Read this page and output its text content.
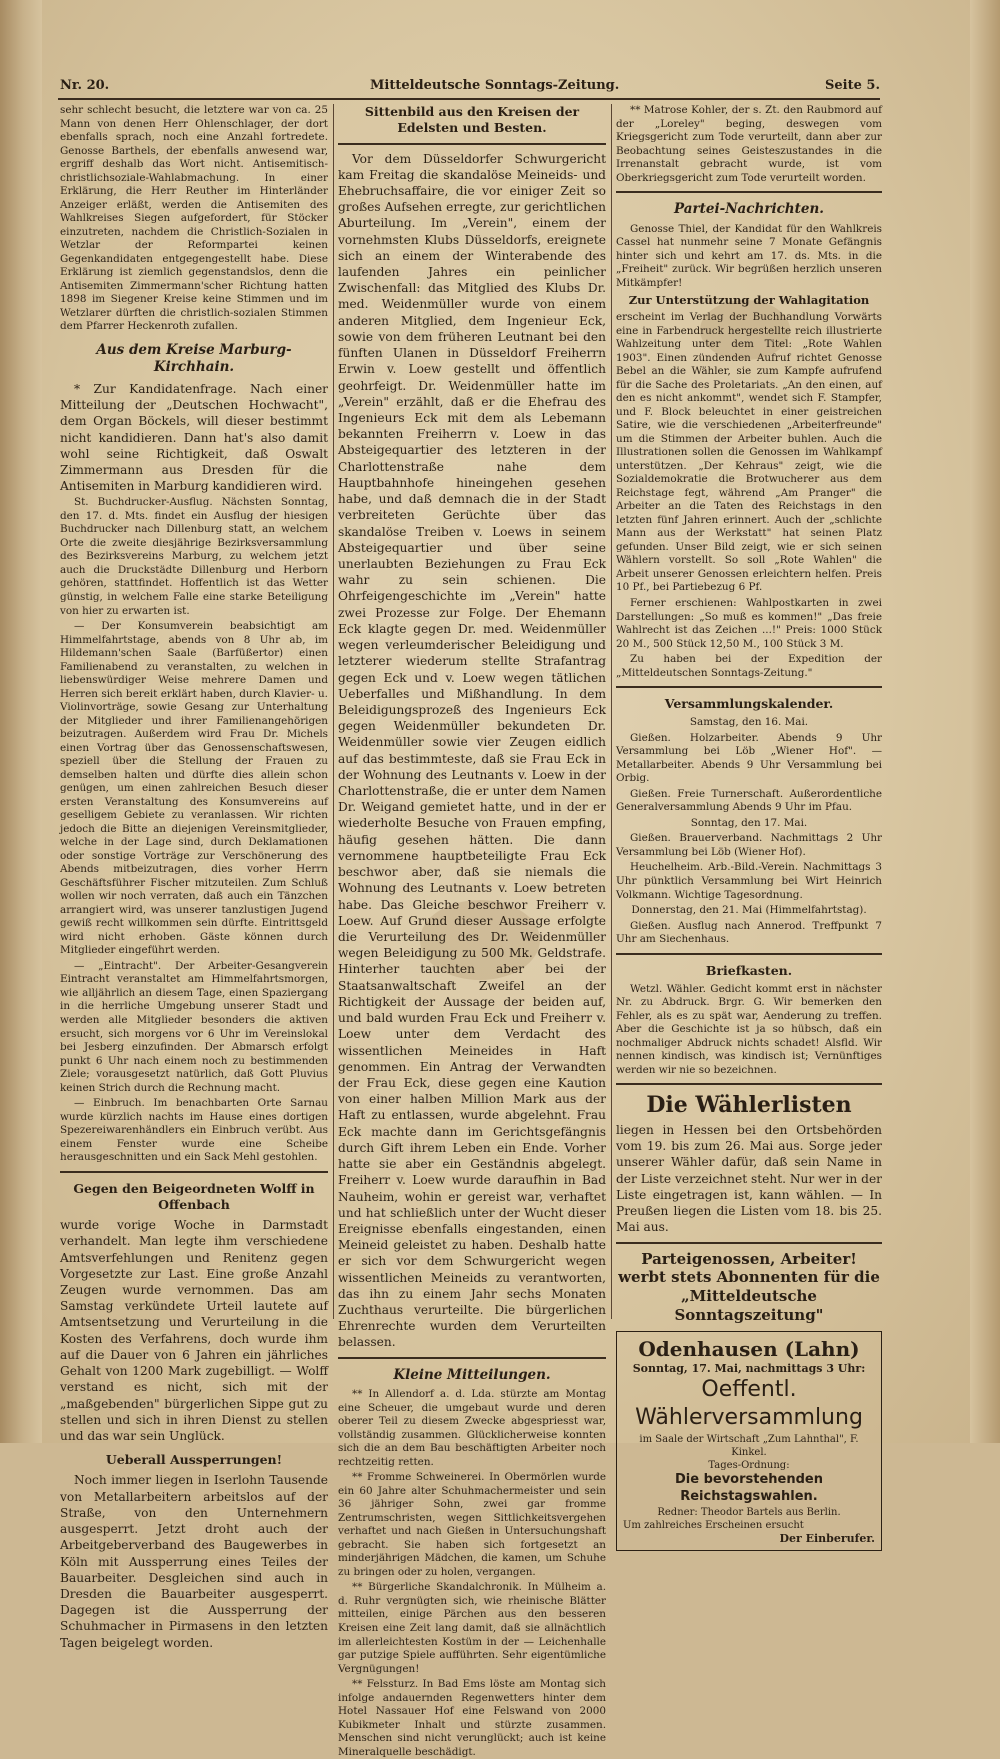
Nr. 20.	Mitteldeutsche Sonntags-Zeitung.	Seite 5.

sehr schlecht besucht, die letztere war von ca. 25 Mann von denen Herr Ohlenschlager, der dort ebenfalls sprach, noch eine Anzahl fortredete. Genosse Barthels, der ebenfalls anwesend war, ergriff deshalb das Wort nicht. Antisemitisch-christlichsoziale-Wahlabmachung. In einer Erklärung, die Herr Reuther im Hinterländer Anzeiger erläßt, werden die Antisemiten des Wahlkreises Siegen aufgefordert, für Stöcker einzutreten, nachdem die Christlich-Sozialen in Wetzlar der Reformpartei keinen Gegenkandidaten entgegengestellt habe. Diese Erklärung ist ziemlich gegenstandslos, denn die Antisemiten Zimmermann'scher Richtung hatten 1898 im Siegener Kreise keine Stimmen und im Wetzlarer dürften die christlich-sozialen Stimmen dem Pfarrer Heckenroth zufallen.

Aus dem Kreise Marburg-Kirchhain.

* Zur Kandidatenfrage. Nach einer Mitteilung der „Deutschen Hochwacht", dem Organ Böckels, will dieser bestimmt nicht kandidieren. Dann hat's also damit wohl seine Richtigkeit, daß Oswalt Zimmermann aus Dresden für die Antisemiten in Marburg kandidieren wird.

St. Buchdrucker-Ausflug. Nächsten Sonntag, den 17. d. Mts. findet ein Ausflug der hiesigen Buchdrucker nach Dillenburg statt, an welchem Orte die zweite diesjährige Bezirksversammlung des Bezirksvereins Marburg, zu welchem jetzt auch die Druckstädte Dillenburg und Herborn gehören, stattfindet. Hoffentlich ist das Wetter günstig, in welchem Falle eine starke Beteiligung von hier zu erwarten ist.

— Der Konsumverein beabsichtigt am Himmelfahrtstage, abends von 8 Uhr ab, im Hildemann'schen Saale (Barfüßertor) einen Familienabend zu veranstalten, zu welchen in liebenswürdiger Weise mehrere Damen und Herren sich bereit erklärt haben, durch Klavier- u. Violinvorträge, sowie Gesang zur Unterhaltung der Mitglieder und ihrer Familienangehörigen beizutragen. Außerdem wird Frau Dr. Michels einen Vortrag über das Genossenschaftswesen, speziell über die Stellung der Frauen zu demselben halten und dürfte dies allein schon genügen, um einen zahlreichen Besuch dieser ersten Veranstaltung des Konsumvereins auf geselligem Gebiete zu veranlassen. Wir richten jedoch die Bitte an diejenigen Vereinsmitglieder, welche in der Lage sind, durch Deklamationen oder sonstige Vorträge zur Verschönerung des Abends mitbeizutragen, dies vorher Herrn Geschäftsführer Fischer mitzuteilen. Zum Schluß wollen wir noch verraten, daß auch ein Tänzchen arrangiert wird, was unserer tanzlustigen Jugend gewiß recht willkommen sein dürfte. Eintrittsgeld wird nicht erhoben. Gäste können durch Mitglieder eingeführt werden.

— „Eintracht". Der Arbeiter-Gesangverein Eintracht veranstaltet am Himmelfahrtsmorgen, wie alljährlich an diesem Tage, einen Spaziergang in die herrliche Umgebung unserer Stadt und werden alle Mitglieder besonders die aktiven ersucht, sich morgens vor 6 Uhr im Vereinslokal bei Jesberg einzufinden. Der Abmarsch erfolgt punkt 6 Uhr nach einem noch zu bestimmenden Ziele; vorausgesetzt natürlich, daß Gott Pluvius keinen Strich durch die Rechnung macht.

— Einbruch. Im benachbarten Orte Sarnau wurde kürzlich nachts im Hause eines dortigen Spezereiwarenhändlers ein Einbruch verübt. Aus einem Fenster wurde eine Scheibe herausgeschnitten und ein Sack Mehl gestohlen.

Gegen den Beigeordneten Wolff in Offenbach

wurde vorige Woche in Darmstadt verhandelt. Man legte ihm verschiedene Amtsverfehlungen und Renitenz gegen Vorgesetzte zur Last. Eine große Anzahl Zeugen wurde vernommen. Das am Samstag verkündete Urteil lautete auf Amtsentsetzung und Verurteilung in die Kosten des Verfahrens, doch wurde ihm auf die Dauer von 6 Jahren ein jährliches Gehalt von 1200 Mark zugebilligt. — Wolff verstand es nicht, sich mit der „maßgebenden" bürgerlichen Sippe gut zu stellen und sich in ihren Dienst zu stellen und das war sein Unglück.

Ueberall Aussperrungen!

Noch immer liegen in Iserlohn Tausende von Metallarbeitern arbeitslos auf der Straße, von den Unternehmern ausgesperrt. Jetzt droht auch der Arbeitgeberverband des Baugewerbes in Köln mit Aussperrung eines Teiles der Bauarbeiter. Desgleichen sind auch in Dresden die Bauarbeiter ausgesperrt. Dagegen ist die Aussperrung der Schuhmacher in Pirmasens in den letzten Tagen beigelegt worden.

Sittenbild aus den Kreisen der Edelsten und Besten.

Vor dem Düsseldorfer Schwurgericht kam Freitag die skandalöse Meineids- und Ehebruchsaffaire, die vor einiger Zeit so großes Aufsehen erregte, zur gerichtlichen Aburteilung. Im „Verein", einem der vornehmsten Klubs Düsseldorfs, ereignete sich an einem der Winterabende des laufenden Jahres ein peinlicher Zwischenfall: das Mitglied des Klubs Dr. med. Weidenmüller wurde von einem anderen Mitglied, dem Ingenieur Eck, sowie von dem früheren Leutnant bei den fünften Ulanen in Düsseldorf Freiherrn Erwin v. Loew gestellt und öffentlich geohrfeigt. Dr. Weidenmüller hatte im „Verein" erzählt, daß er die Ehefrau des Ingenieurs Eck mit dem als Lebemann bekannten Freiherrn v. Loew in das Absteigequartier des letzteren in der Charlottenstraße nahe dem Hauptbahnhofe hineingehen gesehen habe, und daß demnach die in der Stadt verbreiteten Gerüchte über das skandalöse Treiben v. Loews in seinem Absteigequartier und über seine unerlaubten Beziehungen zu Frau Eck wahr zu sein schienen. Die Ohrfeigengeschichte im „Verein" hatte zwei Prozesse zur Folge. Der Ehemann Eck klagte gegen Dr. med. Weidenmüller wegen verleumderischer Beleidigung und letzterer wiederum stellte Strafantrag gegen Eck und v. Loew wegen tätlichen Ueberfalles und Mißhandlung. In dem Beleidigungsprozeß des Ingenieurs Eck gegen Weidenmüller bekundeten Dr. Weidenmüller sowie vier Zeugen eidlich auf das bestimmteste, daß sie Frau Eck in der Wohnung des Leutnants v. Loew in der Charlottenstraße, die er unter dem Namen Dr. Weigand gemietet hatte, und in der er wiederholte Besuche von Frauen empfing, häufig gesehen hätten. Die dann vernommene hauptbeteiligte Frau Eck beschwor aber, daß sie niemals die Wohnung des Leutnants v. Loew betreten habe. Das Gleiche beschwor Freiherr v. Loew. Auf Grund dieser Aussage erfolgte die Verurteilung des Dr. Weidenmüller wegen Beleidigung zu 500 Mk. Geldstrafe. Hinterher tauchten aber bei der Staatsanwaltschaft Zweifel an der Richtigkeit der Aussage der beiden auf, und bald wurden Frau Eck und Freiherr v. Loew unter dem Verdacht des wissentlichen Meineides in Haft genommen. Ein Antrag der Verwandten der Frau Eck, diese gegen eine Kaution von einer halben Million Mark aus der Haft zu entlassen, wurde abgelehnt. Frau Eck machte dann im Gerichtsgefängnis durch Gift ihrem Leben ein Ende. Vorher hatte sie aber ein Geständnis abgelegt. Freiherr v. Loew wurde daraufhin in Bad Nauheim, wohin er gereist war, verhaftet und hat schließlich unter der Wucht dieser Ereignisse ebenfalls eingestanden, einen Meineid geleistet zu haben. Deshalb hatte er sich vor dem Schwurgericht wegen wissentlichen Meineids zu verantworten, das ihn zu einem Jahr sechs Monaten Zuchthaus verurteilte. Die bürgerlichen Ehrenrechte wurden dem Verurteilten belassen.

Kleine Mitteilungen.

** In Allendorf a. d. Lda. stürzte am Montag eine Scheuer, die umgebaut wurde und deren oberer Teil zu diesem Zwecke abgespriesst war, vollständig zusammen. Glücklicherweise konnten sich die an dem Bau beschäftigten Arbeiter noch rechtzeitig retten.

** Fromme Schweinerei. In Obermörlen wurde ein 60 Jahre alter Schuhmachermeister und sein 36 jähriger Sohn, zwei gar fromme Zentrumschristen, wegen Sittlichkeitsvergehen verhaftet und nach Gießen in Untersuchungshaft gebracht. Sie haben sich fortgesetzt an minderjährigen Mädchen, die kamen, um Schuhe zu bringen oder zu holen, vergangen.

** Bürgerliche Skandalchronik. In Mülheim a. d. Ruhr vergnügten sich, wie rheinische Blätter mitteilen, einige Pärchen aus den besseren Kreisen eine Zeit lang damit, daß sie allnächtlich im allerleichtesten Kostüm in der — Leichenhalle gar putzige Spiele aufführten. Sehr eigentümliche Vergnügungen!

** Felssturz. In Bad Ems löste am Montag sich infolge andauernden Regenwetters hinter dem Hotel Nassauer Hof eine Felswand von 2000 Kubikmeter Inhalt und stürzte zusammen. Menschen sind nicht verunglückt; auch ist keine Mineralquelle beschädigt.

** Matrose Kohler, der s. Zt. den Raubmord auf der „Loreley" beging, deswegen vom Kriegsgericht zum Tode verurteilt, dann aber zur Beobachtung seines Geisteszustandes in die Irrenanstalt gebracht wurde, ist vom Oberkriegsgericht zum Tode verurteilt worden.

Partei-Nachrichten.

Genosse Thiel, der Kandidat für den Wahlkreis Cassel hat nunmehr seine 7 Monate Gefängnis hinter sich und kehrt am 17. ds. Mts. in die „Freiheit" zurück. Wir begrüßen herzlich unseren Mitkämpfer!

Zur Unterstützung der Wahlagitation

erscheint im Verlag der Buchhandlung Vorwärts eine in Farbendruck hergestellte reich illustrierte Wahlzeitung unter dem Titel: „Rote Wahlen 1903". Einen zündenden Aufruf richtet Genosse Bebel an die Wähler, sie zum Kampfe aufrufend für die Sache des Proletariats. „An den einen, auf den es nicht ankommt", wendet sich F. Stampfer, und F. Block beleuchtet in einer geistreichen Satire, wie die verschiedenen „Arbeiterfreunde" um die Stimmen der Arbeiter buhlen. Auch die Illustrationen sollen die Genossen im Wahlkampf unterstützen. „Der Kehraus" zeigt, wie die Sozialdemokratie die Brotwucherer aus dem Reichstage fegt, während „Am Pranger" die Arbeiter an die Taten des Reichstags in den letzten fünf Jahren erinnert. Auch der „schlichte Mann aus der Werkstatt" hat seinen Platz gefunden. Unser Bild zeigt, wie er sich seinen Wählern vorstellt. So soll „Rote Wahlen" die Arbeit unserer Genossen erleichtern helfen. Preis 10 Pf., bei Partiebezug 6 Pf.

Ferner erschienen: Wahlpostkarten in zwei Darstellungen: „So muß es kommen!" „Das freie Wahlrecht ist das Zeichen ...!" Preis: 1000 Stück 20 M., 500 Stück 12,50 M., 100 Stück 3 M.

Zu haben bei der Expedition der „Mitteldeutschen Sonntags-Zeitung."

Versammlungskalender.

Samstag, den 16. Mai.

Gießen. Holzarbeiter. Abends 9 Uhr Versammlung bei Löb „Wiener Hof". — Metallarbeiter. Abends 9 Uhr Versammlung bei Orbig.

Gießen. Freie Turnerschaft. Außerordentliche Generalversammlung Abends 9 Uhr im Pfau.

Sonntag, den 17. Mai.

Gießen. Brauerverband. Nachmittags 2 Uhr Versammlung bei Löb (Wiener Hof).

Heuchelheim. Arb.-Bild.-Verein. Nachmittags 3 Uhr pünktlich Versammlung bei Wirt Heinrich Volkmann. Wichtige Tagesordnung.

Donnerstag, den 21. Mai (Himmelfahrtstag).

Gießen. Ausflug nach Annerod. Treffpunkt 7 Uhr am Siechenhaus.

Briefkasten.

Wetzl. Wähler. Gedicht kommt erst in nächster Nr. zu Abdruck. Brgr. G. Wir bemerken den Fehler, als es zu spät war, Aenderung zu treffen. Aber die Geschichte ist ja so hübsch, daß ein nochmaliger Abdruck nichts schadet! Alsfld. Wir nennen kindisch, was kindisch ist; Vernünftiges werden wir nie so bezeichnen.

Die Wählerlisten

liegen in Hessen bei den Ortsbehörden vom 19. bis zum 26. Mai aus. Sorge jeder unserer Wähler dafür, daß sein Name in der Liste verzeichnet steht. Nur wer in der Liste eingetragen ist, kann wählen. — In Preußen liegen die Listen vom 18. bis 25. Mai aus.

Parteigenossen, Arbeiter! werbt stets Abonnenten für die „Mitteldeutsche Sonntagszeitung"
Odenhausen (Lahn)
Sonntag, 17. Mai, nachmittags 3 Uhr:
Oeffentl. Wählerversammlung
im Saale der Wirtschaft „Zum Lahnthal", F. Kinkel.
Tages-Ordnung:
Die bevorstehenden Reichstagswahlen.
Redner: Theodor Bartels aus Berlin.
Um zahlreiches Erscheinen ersucht
Der Einberufer.
